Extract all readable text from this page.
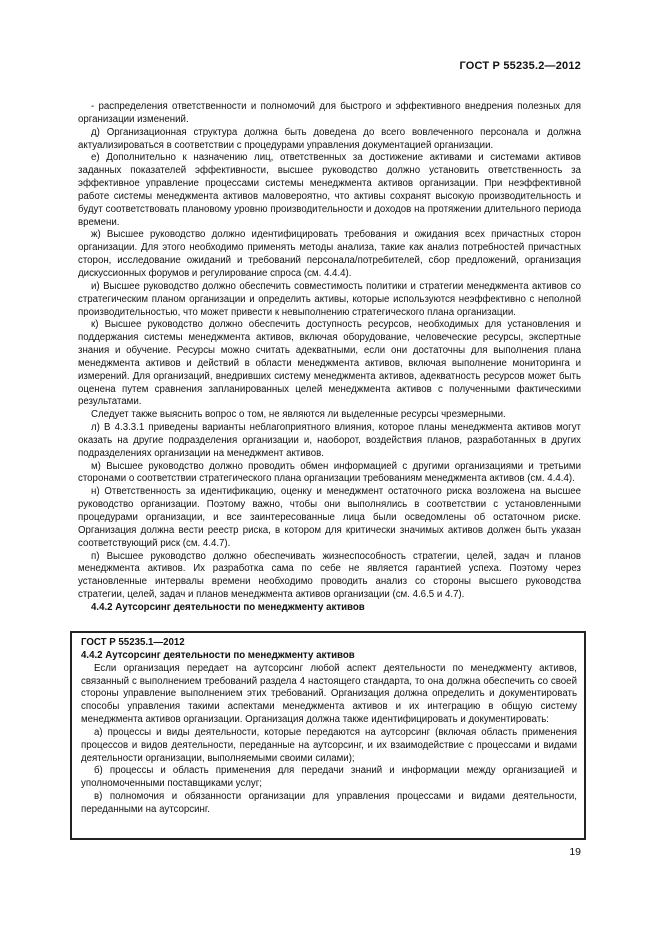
ГОСТ Р 55235.2—2012

- распределения ответственности и полномочий для быстрого и эффективного внедрения полезных для организации изменений.

д) Организационная структура должна быть доведена до всего вовлеченного персонала и должна актуализироваться в соответствии с процедурами управления документацией организации.

е) Дополнительно к назначению лиц, ответственных за достижение активами и системами активов заданных показателей эффективности, высшее руководство должно установить ответственность за эффективное управление процессами системы менеджмента активов организации. При неэффективной работе системы менеджмента активов маловероятно, что активы сохранят высокую производительность и будут соответствовать плановому уровню производительности и доходов на протяжении длительного периода времени.

ж) Высшее руководство должно идентифицировать требования и ожидания всех причастных сторон организации. Для этого необходимо применять методы анализа, такие как анализ потребностей причастных сторон, исследование ожиданий и требований персонала/потребителей, сбор предложений, организация дискуссионных форумов и регулирование спроса (см. 4.4.4).

и) Высшее руководство должно обеспечить совместимость политики и стратегии менеджмента активов со стратегическим планом организации и определить активы, которые используются неэффективно с неполной производительностью, что может привести к невыполнению стратегического плана организации.

к) Высшее руководство должно обеспечить доступность ресурсов, необходимых для установления и поддержания системы менеджмента активов, включая оборудование, человеческие ресурсы, экспертные знания и обучение. Ресурсы можно считать адекватными, если они достаточны для выполнения плана менеджмента активов и действий в области менеджмента активов, включая выполнение мониторинга и измерений. Для организаций, внедривших систему менеджмента активов, адекватность ресурсов может быть оценена путем сравнения запланированных целей менеджмента активов с полученными фактическими результатами.

Следует также выяснить вопрос о том, не являются ли выделенные ресурсы чрезмерными.

л) В 4.3.3.1 приведены варианты неблагоприятного влияния, которое планы менеджмента активов могут оказать на другие подразделения организации и, наоборот, воздействия планов, разработанных в других подразделениях организации на менеджмент активов.

м) Высшее руководство должно проводить обмен информацией с другими организациями и третьими сторонами о соответствии стратегического плана организации требованиям менеджмента активов (см. 4.4.4).

н) Ответственность за идентификацию, оценку и менеджмент остаточного риска возложена на высшее руководство организации. Поэтому важно, чтобы они выполнялись в соответствии с установленными процедурами организации, и все заинтересованные лица были осведомлены об остаточном риске. Организация должна вести реестр риска, в котором для критически значимых активов должен быть указан соответствующий риск (см. 4.4.7).

п) Высшее руководство должно обеспечивать жизнеспособность стратегии, целей, задач и планов менеджмента активов. Их разработка сама по себе не является гарантией успеха. Поэтому через установленные интервалы времени необходимо проводить анализ со стороны высшего руководства стратегии, целей, задач и планов менеджмента активов организации (см. 4.6.5 и 4.7).

4.4.2 Аутсорсинг деятельности по менеджменту активов

ГОСТ Р 55235.1—2012

4.4.2 Аутсорсинг деятельности по менеджменту активов

Если организация передает на аутсорсинг любой аспект деятельности по менеджменту активов, связанный с выполнением требований раздела 4 настоящего стандарта, то она должна обеспечить со своей стороны управление выполнением этих требований. Организация должна определить и документировать способы управления такими аспектами менеджмента активов и их интеграцию в общую систему менеджмента активов организации. Организация должна также идентифицировать и документировать:

а) процессы и виды деятельности, которые передаются на аутсорсинг (включая область применения процессов и видов деятельности, переданные на аутсорсинг, и их взаимодействие с процессами и видами деятельности организации, выполняемыми своими силами);

б) процессы и область применения для передачи знаний и информации между организацией и уполномоченными поставщиками услуг;

в) полномочия и обязанности организации для управления процессами и видами деятельности, переданными на аутсорсинг.

19
